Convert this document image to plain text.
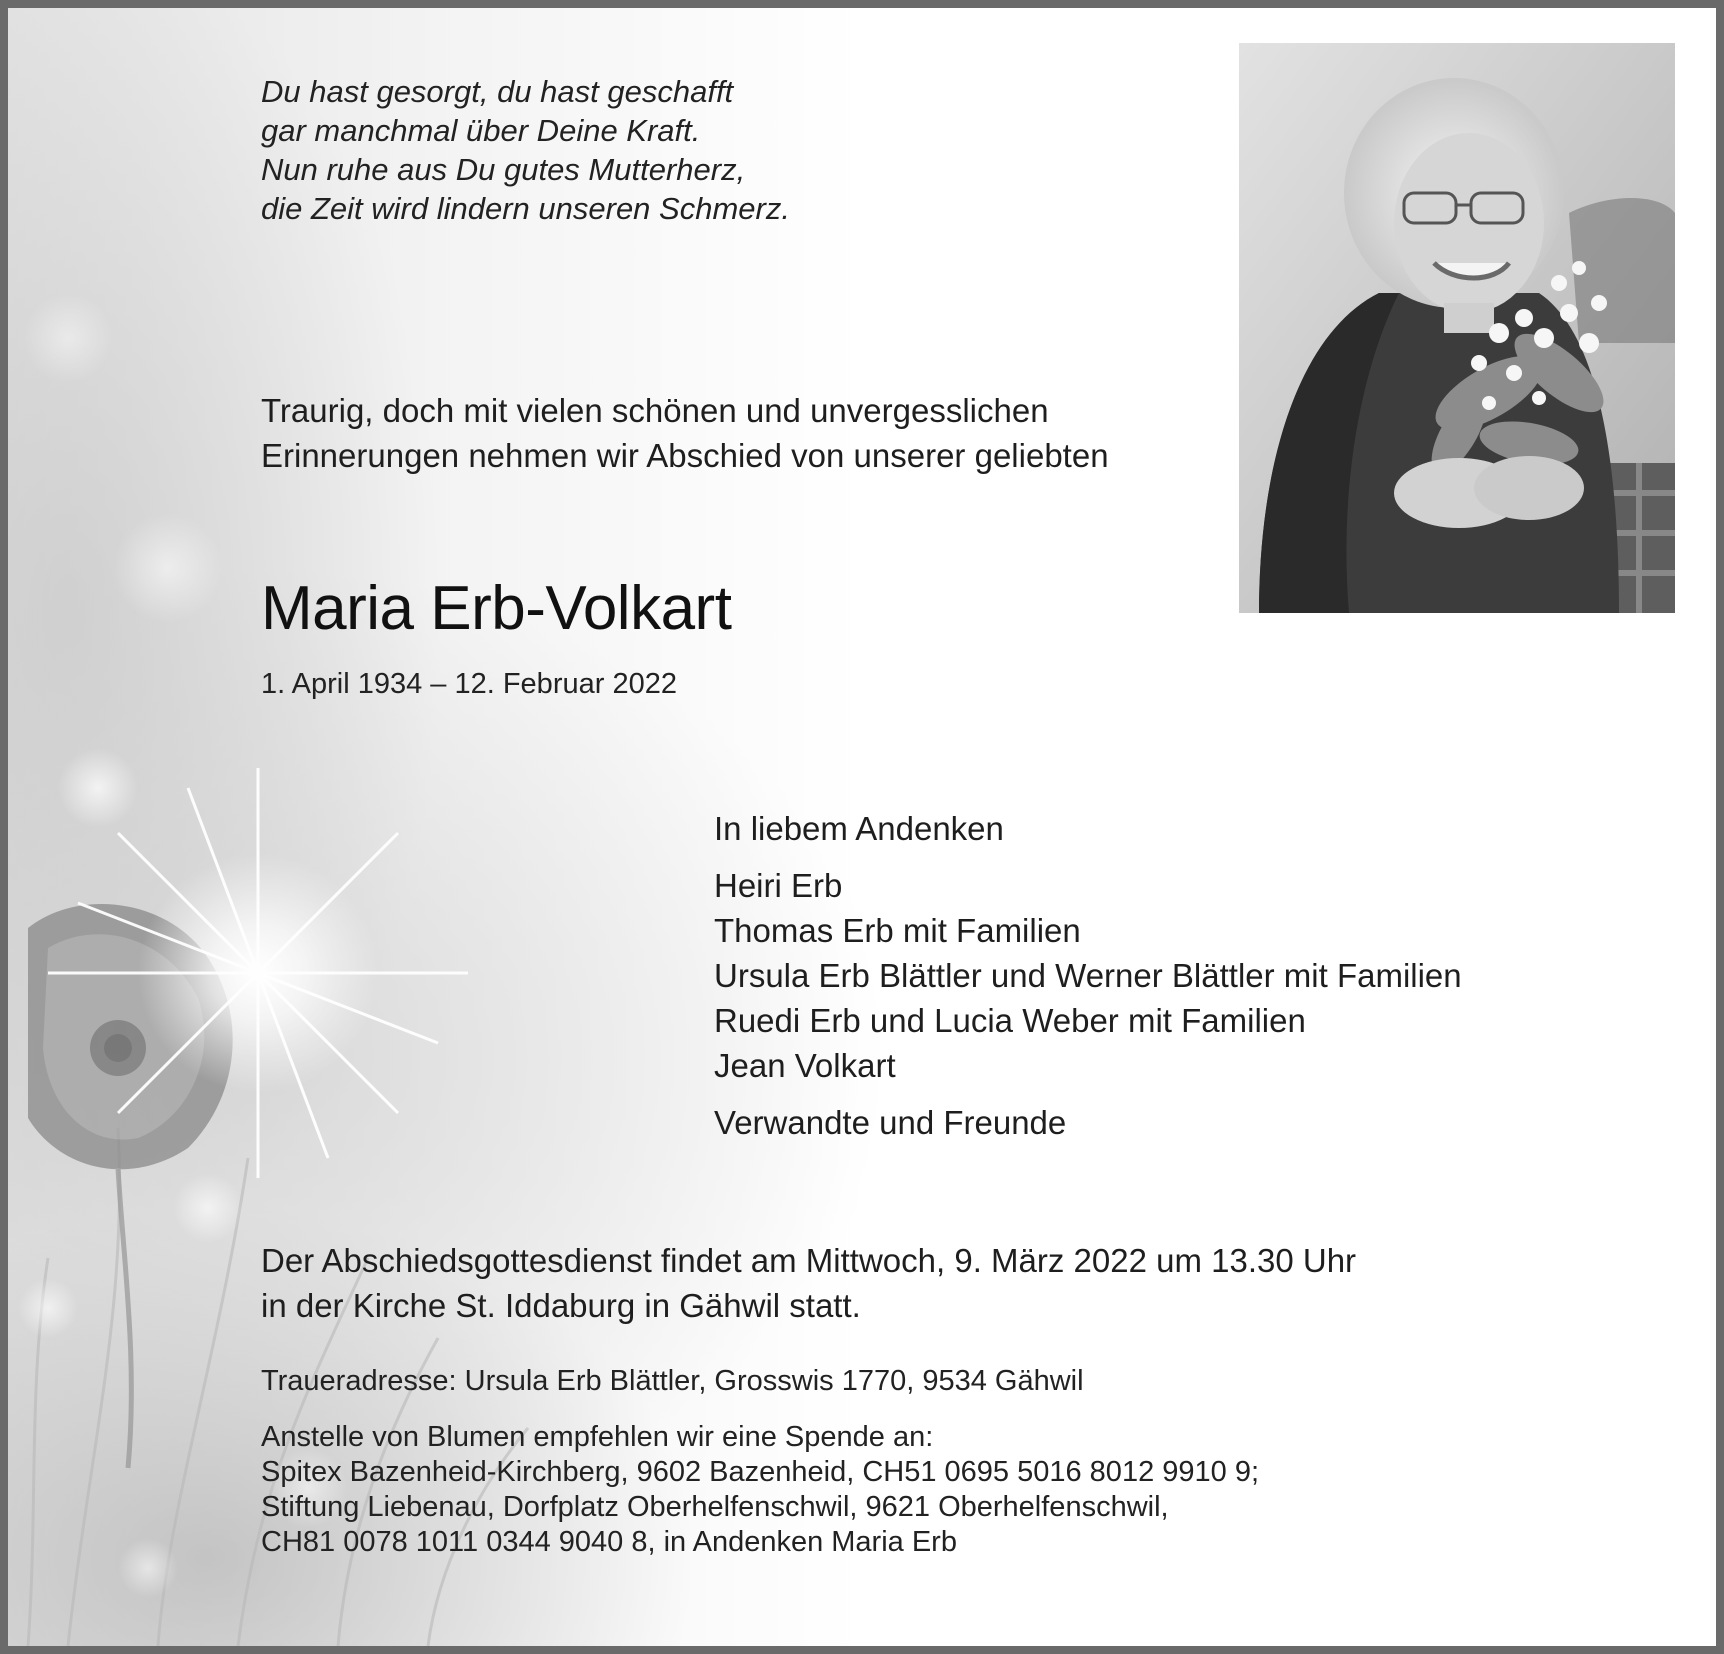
Du hast gesorgt, du hast geschafft
gar manchmal über Deine Kraft.
Nun ruhe aus Du gutes Mutterherz,
die Zeit wird lindern unseren Schmerz.
Traurig, doch mit vielen schönen und unvergesslichen
Erinnerungen nehmen wir Abschied von unserer geliebten
Maria Erb-Volkart
1. April 1934 – 12. Februar 2022
In liebem Andenken
Heiri Erb
Thomas Erb mit Familien
Ursula Erb Blättler und Werner Blättler mit Familien
Ruedi Erb und Lucia Weber mit Familien
Jean Volkart
Verwandte und Freunde
Der Abschiedsgottesdienst findet am Mittwoch, 9. März 2022 um 13.30 Uhr
in der Kirche St. Iddaburg in Gähwil statt.
Traueradresse: Ursula Erb Blättler, Grosswis 1770, 9534 Gähwil
Anstelle von Blumen empfehlen wir eine Spende an:
Spitex Bazenheid-Kirchberg, 9602 Bazenheid, CH51 0695 5016 8012 9910 9;
Stiftung Liebenau, Dorfplatz Oberhelfenschwil, 9621 Oberhelfenschwil,
CH81 0078 1011 0344 9040 8, in Andenken Maria Erb
